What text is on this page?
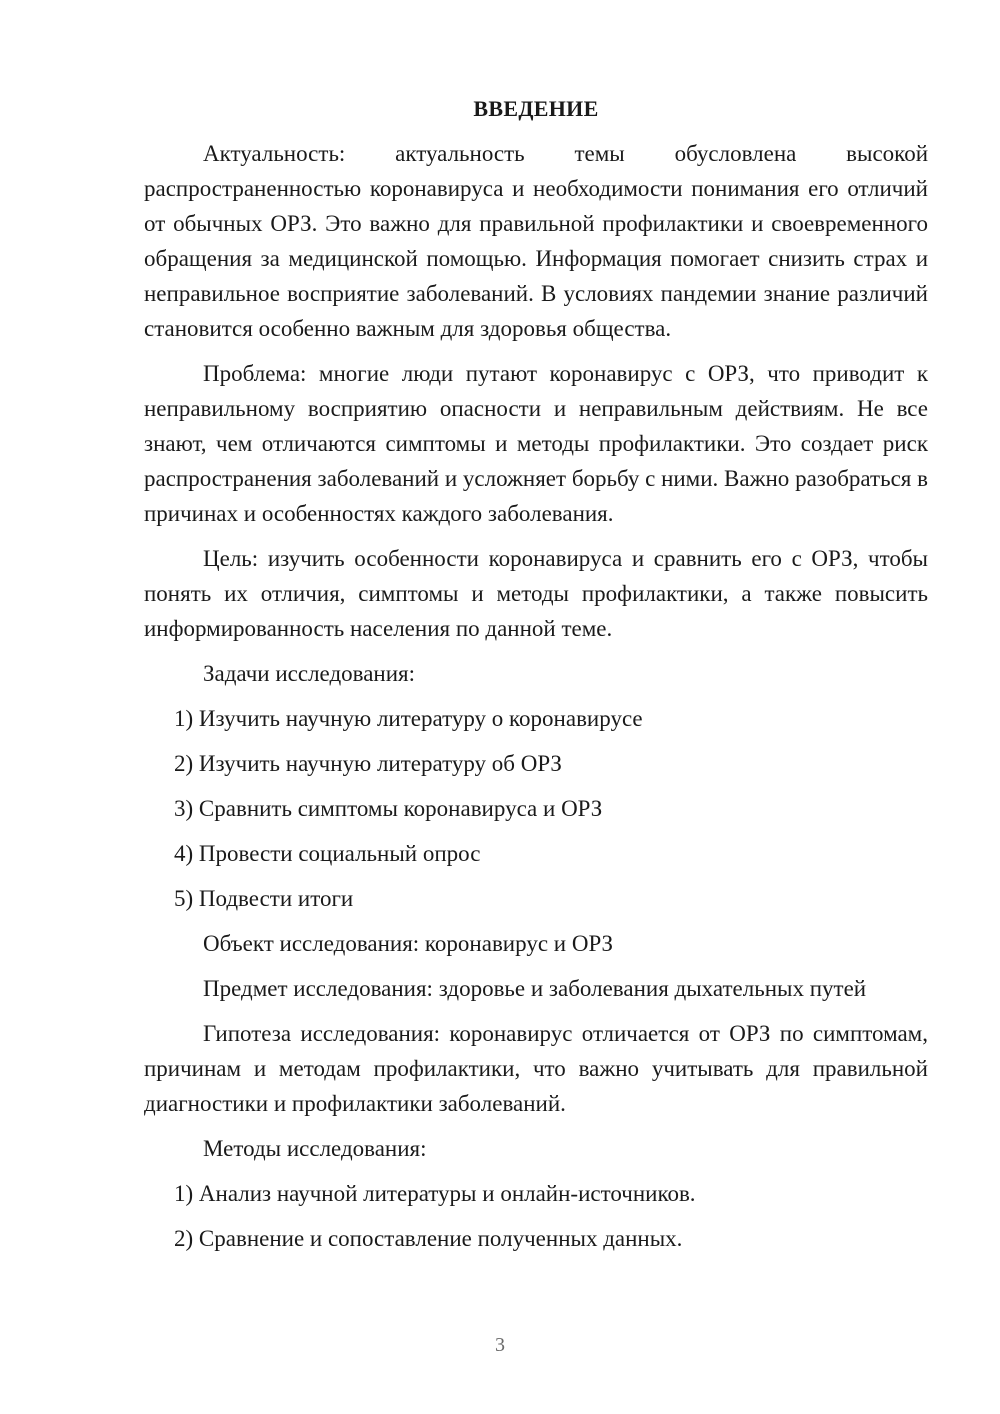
ВВЕДЕНИЕ

Актуальность: актуальность темы обусловлена высокой распространенностью коронавируса и необходимости понимания его отличий от обычных ОРЗ. Это важно для правильной профилактики и своевременного обращения за медицинской помощью. Информация помогает снизить страх и неправильное восприятие заболеваний. В условиях пандемии знание различий становится особенно важным для здоровья общества.

Проблема: многие люди путают коронавирус с ОРЗ, что приводит к неправильному восприятию опасности и неправильным действиям. Не все знают, чем отличаются симптомы и методы профилактики. Это создает риск распространения заболеваний и усложняет борьбу с ними. Важно разобраться в причинах и особенностях каждого заболевания.

Цель: изучить особенности коронавируса и сравнить его с ОРЗ, чтобы понять их отличия, симптомы и методы профилактики, а также повысить информированность населения по данной теме.

Задачи исследования:
1) Изучить научную литературу о коронавирусе
2) Изучить научную литературу об ОРЗ
3) Сравнить симптомы коронавируса и ОРЗ
4) Провести социальный опрос
5) Подвести итоги
Объект исследования: коронавирус и ОРЗ
Предмет исследования: здоровье и заболевания дыхательных путей

Гипотеза исследования: коронавирус отличается от ОРЗ по симптомам, причинам и методам профилактики, что важно учитывать для правильной диагностики и профилактики заболеваний.

Методы исследования:
1) Анализ научной литературы и онлайн-источников.
2) Сравнение и сопоставление полученных данных.
3
